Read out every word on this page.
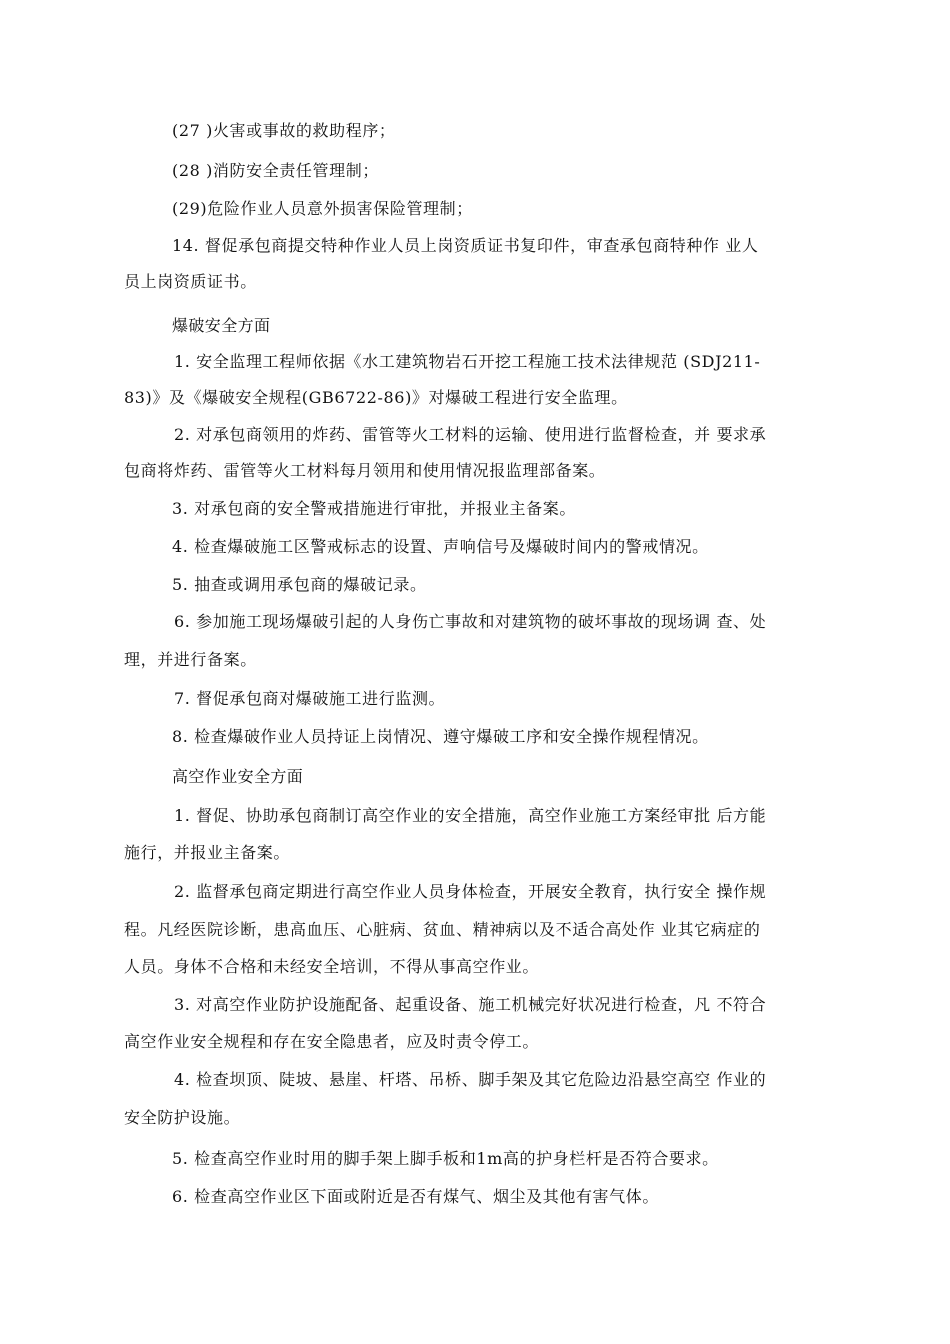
(27 )火害或事故的救助程序；
(28 )消防安全责任管理制；
(29)危险作业人员意外损害保险管理制；
14. 督促承包商提交特种作业人员上岗资质证书复印件，审查承包商特种作 业人
员上岗资质证书。
爆破安全方面
1. 安全监理工程师依据《水工建筑物岩石开挖工程施工技术法律规范 (SDJ211-
83)》及《爆破安全规程(GB6722-86)》对爆破工程进行安全监理。
2. 对承包商领用的炸药、雷管等火工材料的运输、使用进行监督检查，并 要求承
包商将炸药、雷管等火工材料每月领用和使用情况报监理部备案。
3. 对承包商的安全警戒措施进行审批，并报业主备案。
4. 检查爆破施工区警戒标志的设置、声响信号及爆破时间内的警戒情况。
5. 抽查或调用承包商的爆破记录。
6. 参加施工现场爆破引起的人身伤亡事故和对建筑物的破坏事故的现场调 查、处
理，并进行备案。
7. 督促承包商对爆破施工进行监测。
8. 检查爆破作业人员持证上岗情况、遵守爆破工序和安全操作规程情况。
高空作业安全方面
1. 督促、协助承包商制订高空作业的安全措施，高空作业施工方案经审批 后方能
施行，并报业主备案。
2. 监督承包商定期进行高空作业人员身体检查，开展安全教育，执行安全 操作规
程。凡经医院诊断，患高血压、心脏病、贫血、精神病以及不适合高处作 业其它病症的
人员。身体不合格和未经安全培训，不得从事高空作业。
3. 对高空作业防护设施配备、起重设备、施工机械完好状况进行检查，凡 不符合
高空作业安全规程和存在安全隐患者，应及时责令停工。
4. 检查坝顶、陡坡、悬崖、杆塔、吊桥、脚手架及其它危险边沿悬空高空 作业的
安全防护设施。
5. 检查高空作业时用的脚手架上脚手板和1m高的护身栏杆是否符合要求。
6. 检查高空作业区下面或附近是否有煤气、烟尘及其他有害气体。
